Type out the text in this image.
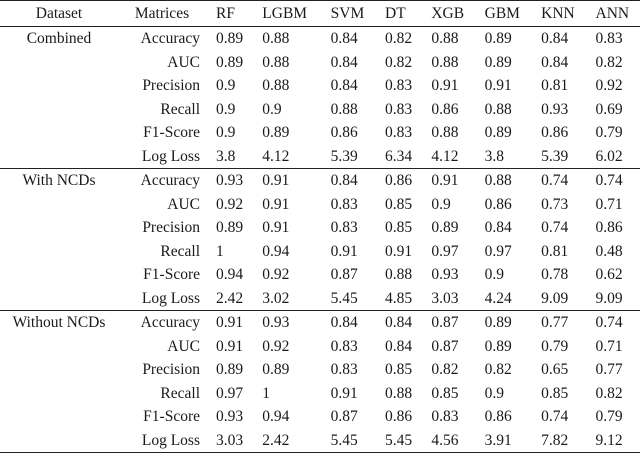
Dataset	Matrices	RF	LGBM	SVM	DT	XGB	GBM	KNN	ANN
Combined	Accuracy	0.89	0.88	0.84	0.82	0.88	0.89	0.84	0.83
	AUC	0.89	0.88	0.84	0.82	0.88	0.89	0.84	0.82
	Precision	0.9	0.88	0.84	0.83	0.91	0.91	0.81	0.92
	Recall	0.9	0.9	0.88	0.83	0.86	0.88	0.93	0.69
	F1-Score	0.9	0.89	0.86	0.83	0.88	0.89	0.86	0.79
	Log Loss	3.8	4.12	5.39	6.34	4.12	3.8	5.39	6.02
With NCDs	Accuracy	0.93	0.91	0.84	0.86	0.91	0.88	0.74	0.74
	AUC	0.92	0.91	0.83	0.85	0.9	0.86	0.73	0.71
	Precision	0.89	0.91	0.83	0.85	0.89	0.84	0.74	0.86
	Recall	1	0.94	0.91	0.91	0.97	0.97	0.81	0.48
	F1-Score	0.94	0.92	0.87	0.88	0.93	0.9	0.78	0.62
	Log Loss	2.42	3.02	5.45	4.85	3.03	4.24	9.09	9.09
Without NCDs	Accuracy	0.91	0.93	0.84	0.84	0.87	0.89	0.77	0.74
	AUC	0.91	0.92	0.83	0.84	0.87	0.89	0.79	0.71
	Precision	0.89	0.89	0.83	0.85	0.82	0.82	0.65	0.77
	Recall	0.97	1	0.91	0.88	0.85	0.9	0.85	0.82
	F1-Score	0.93	0.94	0.87	0.86	0.83	0.86	0.74	0.79
	Log Loss	3.03	2.42	5.45	5.45	4.56	3.91	7.82	9.12
